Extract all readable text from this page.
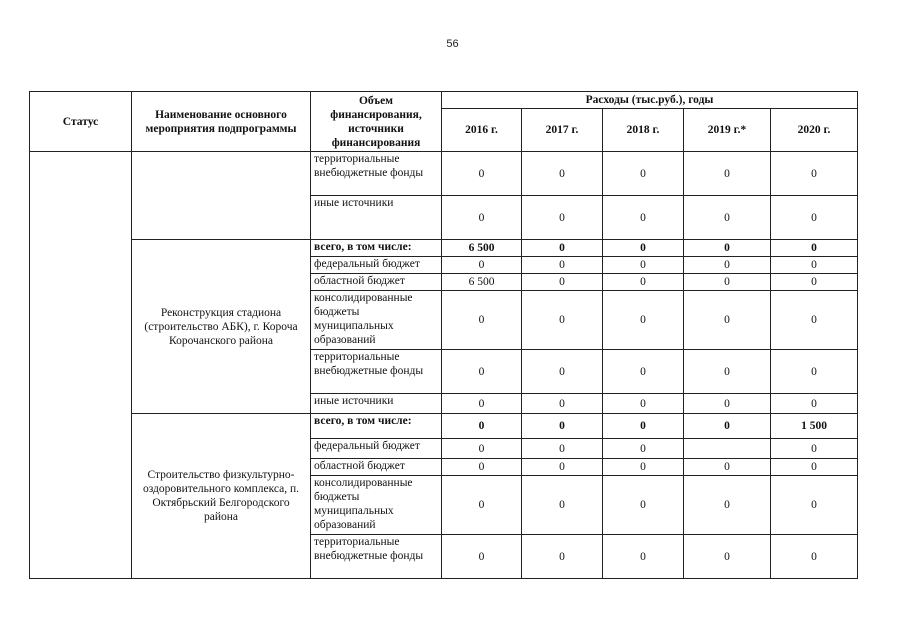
56
Статус	Наименование основного мероприятия подпрограммы	Объем финансирования, источники финансирования	Расходы (тыс.руб.), годы				
			2016 г.	2017 г.	2018 г.	2019 г.*	2020 г.
		территориальные внебюджетные фонды	0	0	0	0	0
		иные источники	0	0	0	0	0
	Реконструкция стадиона (строительство АБК), г. Короча Корочанского района	всего, в том числе:	6 500	0	0	0	0
		федеральный бюджет	0	0	0	0	0
		областной бюджет	6 500	0	0	0	0
		консолидированные бюджеты муниципальных образований	0	0	0	0	0
		территориальные внебюджетные фонды	0	0	0	0	0
		иные источники	0	0	0	0	0
	Строительство физкультурно-оздоровительного комплекса, п. Октябрьский Белгородского района	всего, в том числе:	0	0	0	0	1 500
		федеральный бюджет	0	0	0		0
		областной бюджет	0	0	0	0	0
		консолидированные бюджеты муниципальных образований	0	0	0	0	0
		территориальные внебюджетные фонды	0	0	0	0	0
